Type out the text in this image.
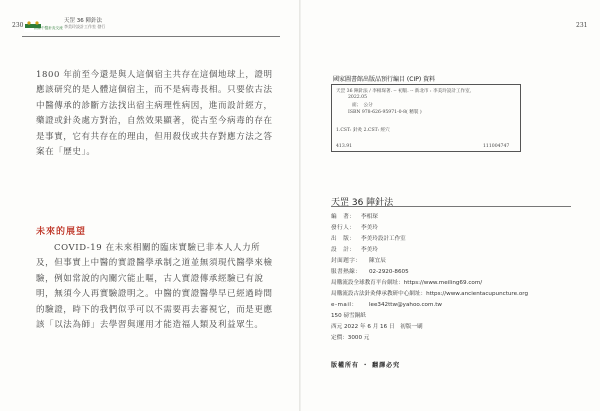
230	國際中醫針灸交流
天罡 36 陣針法
李美玲設計工作室 發行
1800 年前至今還是與人這個宿主共存在這個地球上，證明應該研究的是人體這個宿主，而不是病毒長相。只要依古法中醫傳承的診斷方法找出宿主病理性病因，進而設計經方，藥證或針灸處方對治，自然效果顯著，從古至今病毒的存在是事實，它有共存在的理由，但用殺伐或共存對應方法之答案在「歷史」。
未來的展望
COVID-19 在未來相關的臨床實驗已非本人人力所及，但事實上中醫的實證醫學承制之道並無須現代醫學來檢驗，例如常說的內關穴能止嘔，古人實證傳承經驗已有說明，無須今人再實驗證明之。中醫的實證醫學早已經過時間的驗證，時下的我們似乎可以不需要再去審視它，而是更應該「以法為師」去學習與運用才能造福人類及利益眾生。
231
國家圖書館出版品預行編目 (CIP) 資料
天罡 36 陣針法 / 李相琛著. -- 初版. -- 新北市 : 李美玲設計工作室,
2022.05
面；　公分
ISBN 978-626-95971-0-8( 精裝 )
1.CST: 針灸 2.CST: 經穴
413.91	111004747
天罡 36 陣針法
編　著： 李相琛
發行人： 李美玲
出　版： 李美玲設計工作室
設　計： 李美玲
封面題字： 陳宜辰
服書熱線： 02-2920-8605
局購流設全球教育平台網址：https://www.meiling69.com/
局購流設古法針灸傳承教研中心網址：https://www.ancientacupuncture.org
e-mail： lee342ttw@yahoo.com.tw
150 磅雪銅紙
西元 2022 年 6 月 16 日　初版一刷
定價：3000 元
版權所有 ・ 翻譯必究
